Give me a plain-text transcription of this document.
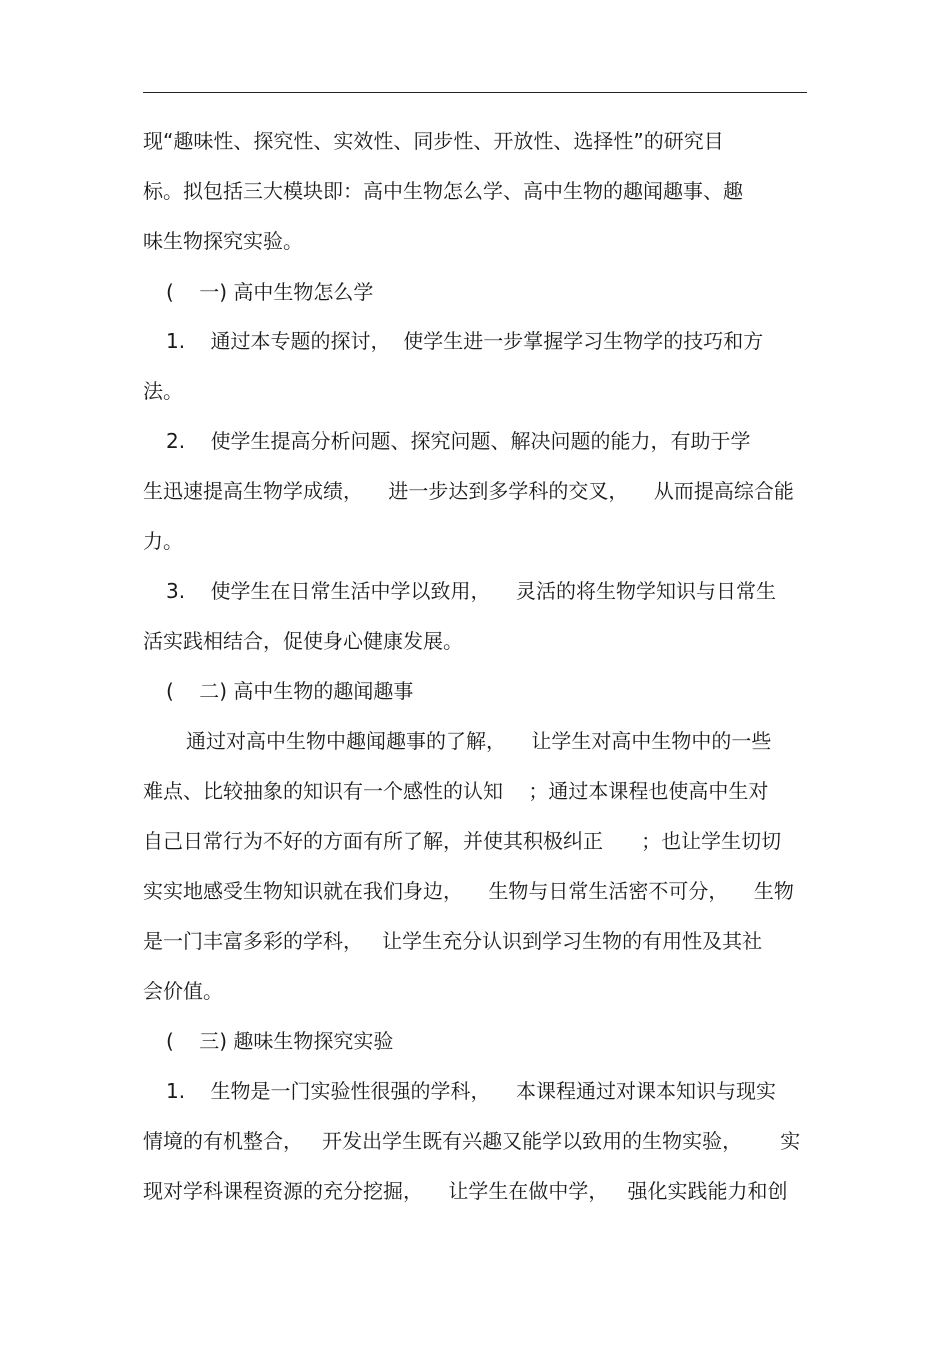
现“趣味性、探究性、实效性、同步性、开放性、选择性”的研究目

标。拟包括三大模块即：高中生物怎么学、高中生物的趣闻趣事、趣

味生物探究实验。

(    一) 高中生物怎么学

1.    通过本专题的探讨，  使学生进一步掌握学习生物学的技巧和方

法。

2.    使学生提高分析问题、探究问题、解决问题的能力，有助于学

生迅速提高生物学成绩，    进一步达到多学科的交叉，    从而提高综合能

力。

3.    使学生在日常生活中学以致用，    灵活的将生物学知识与日常生

活实践相结合，促使身心健康发展。

(    二) 高中生物的趣闻趣事

通过对高中生物中趣闻趣事的了解，    让学生对高中生物中的一些

难点、比较抽象的知识有一个感性的认知    ；通过本课程也使高中生对

自己日常行为不好的方面有所了解，并使其积极纠正      ；也让学生切切

实实地感受生物知识就在我们身边，    生物与日常生活密不可分，    生物

是一门丰富多彩的学科，   让学生充分认识到学习生物的有用性及其社

会价值。

(    三) 趣味生物探究实验

1.    生物是一门实验性很强的学科，    本课程通过对课本知识与现实

情境的有机整合，   开发出学生既有兴趣又能学以致用的生物实验，      实

现对学科课程资源的充分挖掘，    让学生在做中学，   强化实践能力和创
